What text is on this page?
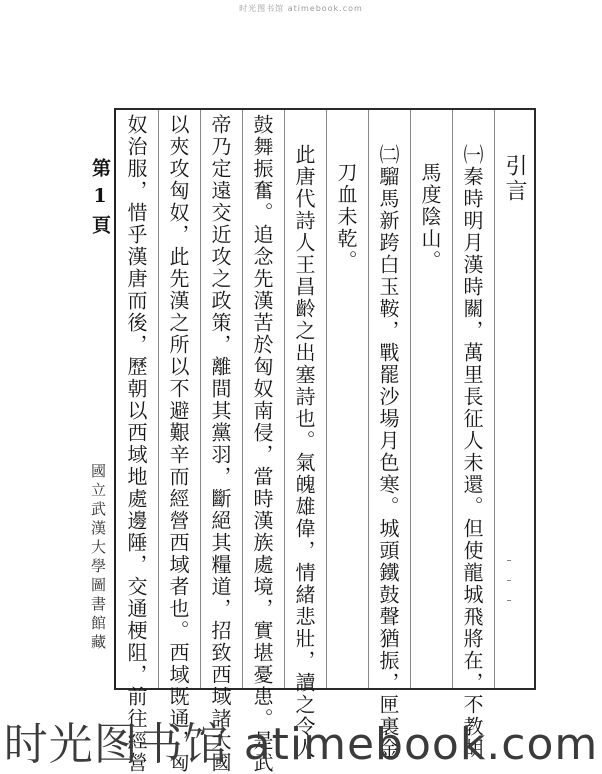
时光图书馆 atimebook.com
第1頁
國立武漢大學圖書館藏
引言
㈠秦時明月漢時關，萬里長征人未還。但使龍城飛將在，不教胡
馬度陰山。
㈡騮馬新跨白玉鞍，戰罷沙場月色寒。城頭鐵鼓聲猶振，匣裏金
刀血未乾。
此唐代詩人王昌齡之出塞詩也。氣魄雄偉，情緒悲壯，讀之令人
鼓舞振奮。追念先漢苦於匈奴南侵，當時漢族處境，實堪憂患。是武
帝乃定遠交近攻之政策，離間其黨羽，斷絕其糧道，招致西域諸大國
以夾攻匈奴，此先漢之所以不避艱辛而經營西域者也。西域既通，匈
奴治服，惜乎漢唐而後，歷朝以西域地處邊陲，交通梗阻，前往經營
时光图书馆 atimebook.com
